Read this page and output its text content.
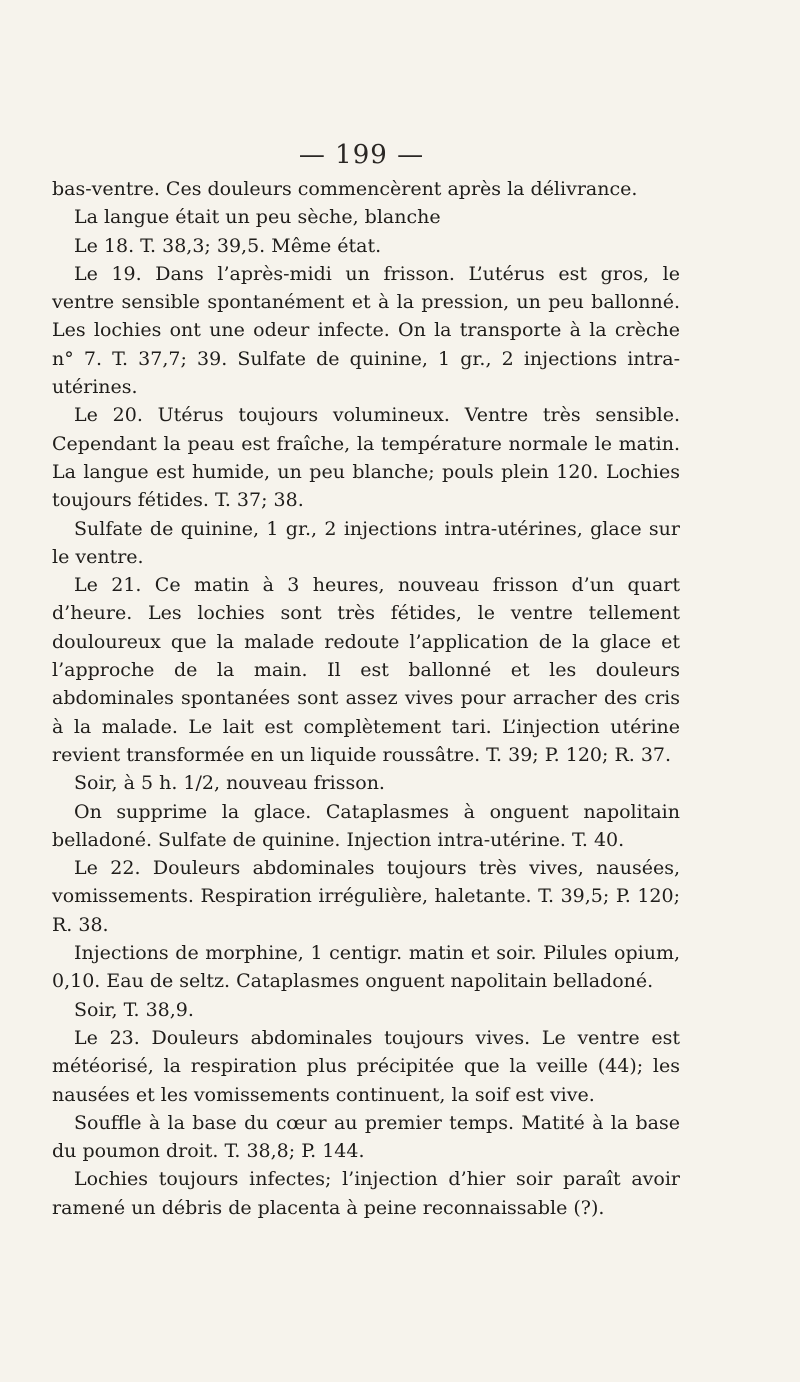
— 199 —

bas-ventre. Ces douleurs commencèrent après la délivrance.

La langue était un peu sèche, blanche

Le 18. T. 38,3; 39,5. Même état.

Le 19. Dans l’après-midi un frisson. L’utérus est gros, le ventre sensible spontanément et à la pression, un peu ballonné. Les lochies ont une odeur infecte. On la transporte à la crèche n° 7. T. 37,7; 39. Sulfate de quinine, 1 gr., 2 injections intra-utérines.

Le 20. Utérus toujours volumineux. Ventre très sensible. Cependant la peau est fraîche, la température normale le matin. La langue est humide, un peu blanche; pouls plein 120. Lochies toujours fétides. T. 37; 38.

Sulfate de quinine, 1 gr., 2 injections intra-utérines, glace sur le ventre.

Le 21. Ce matin à 3 heures, nouveau frisson d’un quart d’heure. Les lochies sont très fétides, le ventre tellement douloureux que la malade redoute l’application de la glace et l’approche de la main. Il est ballonné et les douleurs abdominales spontanées sont assez vives pour arracher des cris à la malade. Le lait est complètement tari. L’injection utérine revient transformée en un liquide roussâtre. T. 39; P. 120; R. 37.

Soir, à 5 h. 1/2, nouveau frisson.

On supprime la glace. Cataplasmes à onguent napolitain belladoné. Sulfate de quinine. Injection intra-utérine. T. 40.

Le 22. Douleurs abdominales toujours très vives, nausées, vomissements. Respiration irrégulière, haletante. T. 39,5; P. 120; R. 38.

Injections de morphine, 1 centigr. matin et soir. Pilules opium, 0,10. Eau de seltz. Cataplasmes onguent napolitain belladoné.

Soir, T. 38,9.

Le 23. Douleurs abdominales toujours vives. Le ventre est météorisé, la respiration plus précipitée que la veille (44); les nausées et les vomissements continuent, la soif est vive.

Souffle à la base du cœur au premier temps. Matité à la base du poumon droit. T. 38,8; P. 144.

Lochies toujours infectes; l’injection d’hier soir paraît avoir ramené un débris de placenta à peine reconnaissable (?).
